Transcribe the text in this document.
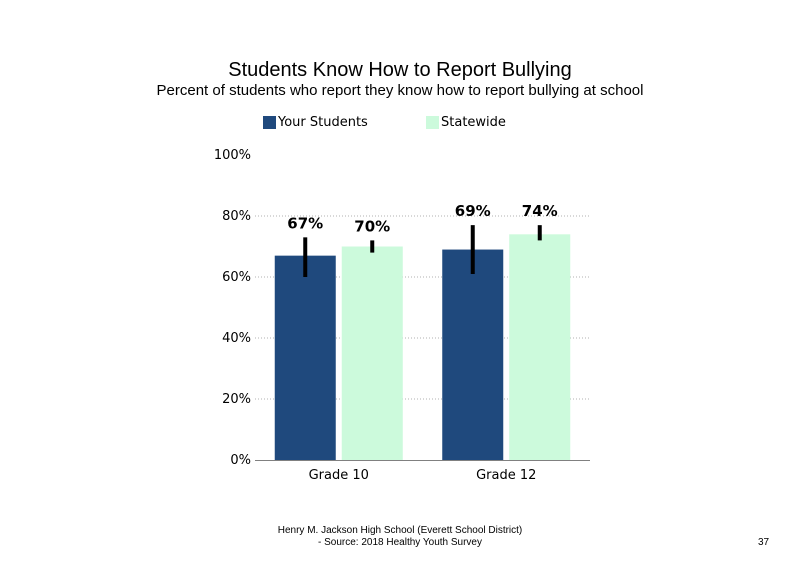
Students Know How to Report Bullying
Percent of students who report they know how to report bullying at school
Your Students	Statewide
0%
20%
40%
60%
80%
100%
Grade 10
67% 70%
Grade 12
69% 74%
Henry M. Jackson High School (Everett School District)
- Source: 2018 Healthy Youth Survey	37
